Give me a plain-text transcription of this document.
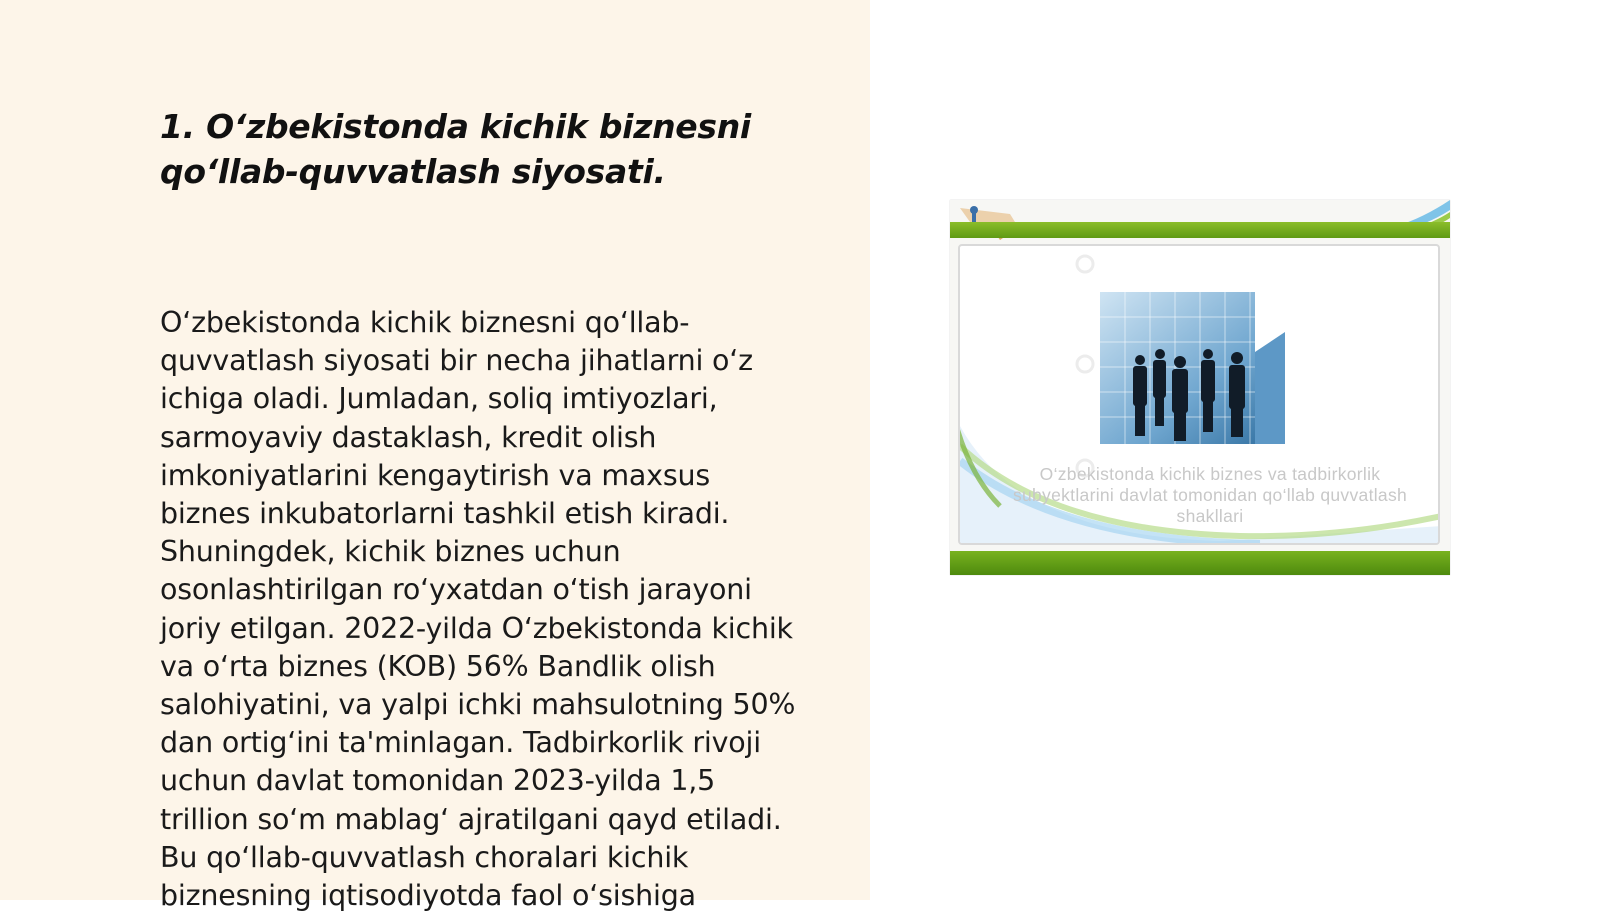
1. O‘zbekistonda kichik biznesni qo‘llab-quvvatlash siyosati.

O‘zbekistonda kichik biznesni qo‘llab-
quvvatlash siyosati bir necha jihatlarni o‘z
ichiga oladi. Jumladan, soliq imtiyozlari,
sarmoyaviy dastaklash, kredit olish
imkoniyatlarini kengaytirish va maxsus
biznes inkubatorlarni tashkil etish kiradi.
Shuningdek, kichik biznes uchun
osonlashtirilgan ro‘yxatdan o‘tish jarayoni
joriy etilgan. 2022-yilda O‘zbekistonda kichik
va o‘rta biznes (KOB) 56% Bandlik olish
salohiyatini, va yalpi ichki mahsulotning 50%
dan ortig‘ini ta'minlagan. Tadbirkorlik rivoji
uchun davlat tomonidan 2023-yilda 1,5
trillion so‘m mablag‘ ajratilgani qayd etiladi.
Bu qo‘llab-quvvatlash choralari kichik
biznesning iqtisodiyotda faol o‘sishiga

O‘zbekistonda kichik biznes va tadbirkorlik subyektlarini davlat tomonidan qo‘llab quvvatlash shakllari
